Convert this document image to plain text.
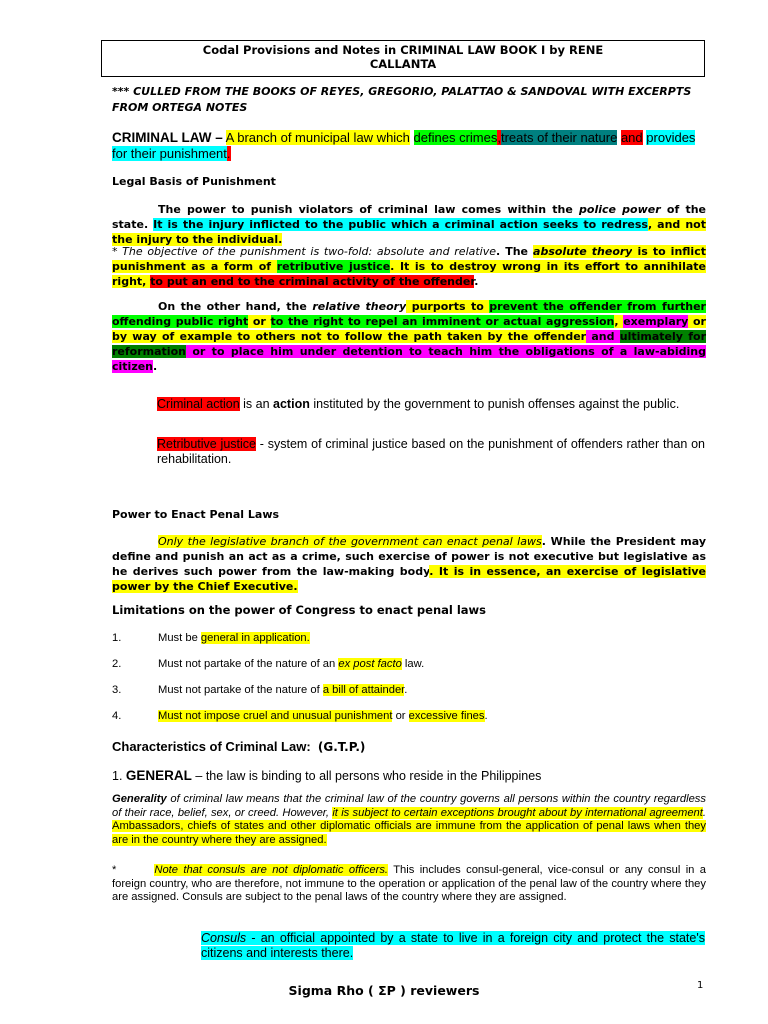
Codal Provisions and Notes in CRIMINAL LAW BOOK I by RENE
CALLANTA
*** CULLED FROM THE BOOKS OF REYES, GREGORIO, PALATTAO & SANDOVAL WITH EXCERPTS FROM ORTEGA NOTES
CRIMINAL LAW – A branch of municipal law which defines crimes,treats of their nature and provides for their punishment.
Legal Basis of Punishment
The power to punish violators of criminal law comes within the police power of the state. It is the injury inflicted to the public which a criminal action seeks to redress, and not the injury to the individual.
* The objective of the punishment is two-fold: absolute and relative. The absolute theory is to inflict punishment as a form of retributive justice. It is to destroy wrong in its effort to annihilate right, to put an end to the criminal activity of the offender.
On the other hand, the relative theory purports to prevent the offender from further offending public right or to the right to repel an imminent or actual aggression, exemplary or by way of example to others not to follow the path taken by the offender and ultimately for reformation or to place him under detention to teach him the obligations of a law-abiding citizen.
Criminal action is an action instituted by the government to punish offenses against the public.
Retributive justice - system of criminal justice based on the punishment of offenders rather than on rehabilitation.
Power to Enact Penal Laws
Only the legislative branch of the government can enact penal laws. While the President may define and punish an act as a crime, such exercise of power is not executive but legislative as he derives such power from the law-making body. It is in essence, an exercise of legislative power by the Chief Executive.
Limitations on the power of Congress to enact penal laws
1.	Must be general in application.
2.	Must not partake of the nature of an ex post facto law.
3.	Must not partake of the nature of a bill of attainder.
4.	Must not impose cruel and unusual punishment or excessive fines.
Characteristics of Criminal Law: (G.T.P.)
1. GENERAL – the law is binding to all persons who reside in the Philippines
Generality of criminal law means that the criminal law of the country governs all persons within the country regardless of their race, belief, sex, or creed. However, it is subject to certain exceptions brought about by international agreement. Ambassadors, chiefs of states and other diplomatic officials are immune from the application of penal laws when they are in the country where they are assigned.
*	Note that consuls are not diplomatic officers. This includes consul-general, vice-consul or any consul in a foreign country, who are therefore, not immune to the operation or application of the penal law of the country where they are assigned. Consuls are subject to the penal laws of the country where they are assigned.
Consuls - an official appointed by a state to live in a foreign city and protect the state's citizens and interests there.
Sigma Rho ( ΣP ) reviewers	1
